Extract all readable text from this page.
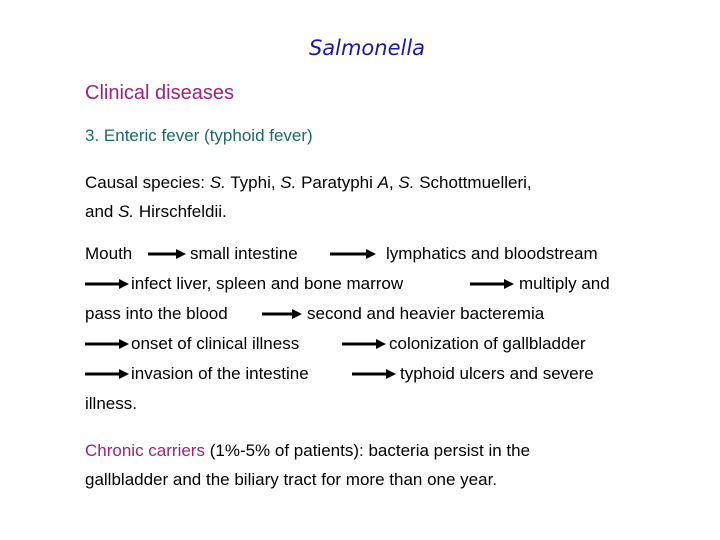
Salmonella
Clinical diseases
3. Enteric fever (typhoid fever)
Causal species: S. Typhi, S. Paratyphi A, S. Schottmuelleri,
and S. Hirschfeldii.
Mouth	small intestine	lymphatics and bloodstream
infect liver, spleen and bone marrow	multiply and
pass into the blood	second and heavier bacteremia
onset of clinical illness	colonization of gallbladder
invasion of the intestine	typhoid ulcers and severe
illness.
Chronic carriers (1%-5% of patients): bacteria persist in the
gallbladder and the biliary tract for more than one year.
